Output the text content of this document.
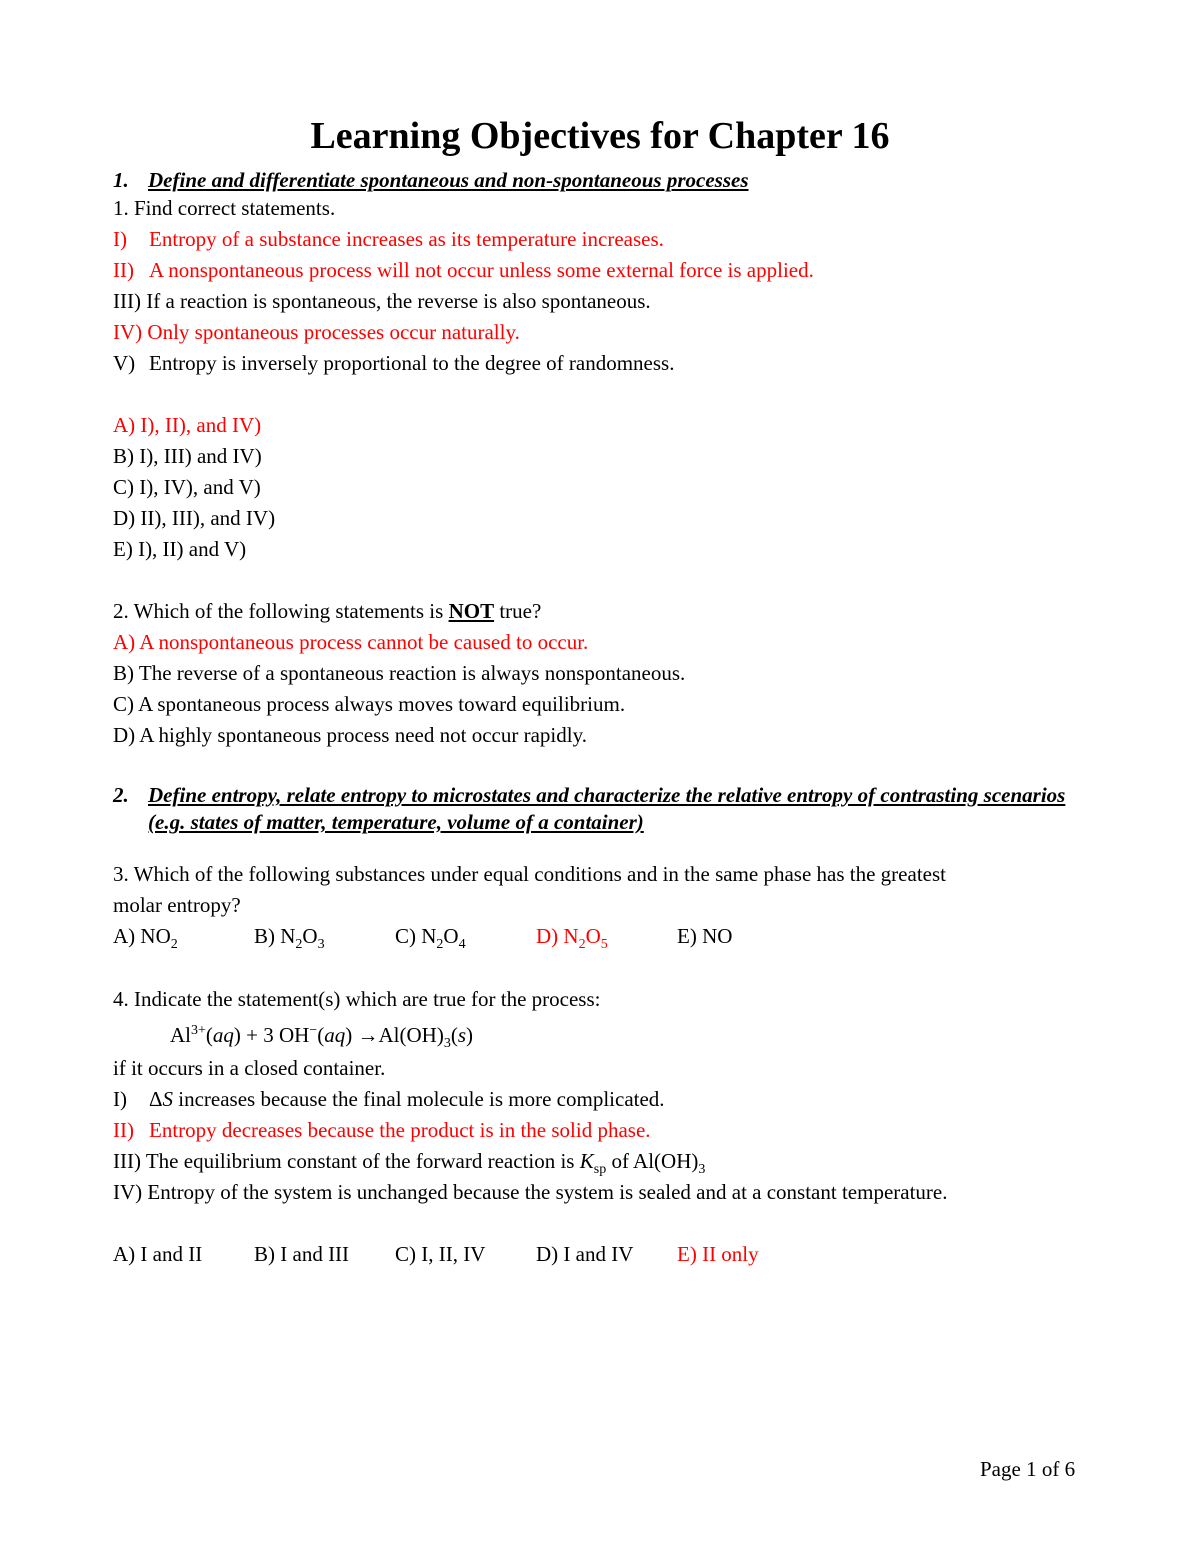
Learning Objectives for Chapter 16
1. Define and differentiate spontaneous and non-spontaneous processes
1. Find correct statements.
I) Entropy of a substance increases as its temperature increases.
II) A nonspontaneous process will not occur unless some external force is applied.
III) If a reaction is spontaneous, the reverse is also spontaneous.
IV) Only spontaneous processes occur naturally.
V) Entropy is inversely proportional to the degree of randomness.
A) I), II), and IV)
B) I), III) and IV)
C) I), IV), and V)
D) II), III), and IV)
E) I), II) and V)
2. Which of the following statements is NOT true?
A) A nonspontaneous process cannot be caused to occur.
B) The reverse of a spontaneous reaction is always nonspontaneous.
C) A spontaneous process always moves toward equilibrium.
D) A highly spontaneous process need not occur rapidly.
2. Define entropy, relate entropy to microstates and characterize the relative entropy of contrasting scenarios (e.g. states of matter, temperature, volume of a container)
3. Which of the following substances under equal conditions and in the same phase has the greatest
molar entropy?
A) $NO_2$	B) $N_2O_3$	C) $N_2O_4$	D) $N_2O_5$	E) NO
4. Indicate the statement(s) which are true for the process:
$Al^{3+}(aq) + 3$ $OH^-(aq) \to Al(OH)_3(s)$
if it occurs in a closed container.
I) ΔS increases because the final molecule is more complicated.
II) Entropy decreases because the product is in the solid phase.
III) The equilibrium constant of the forward reaction is $K_{sp}$ of $Al(OH)_3$
IV) Entropy of the system is unchanged because the system is sealed and at a constant temperature.
A) I and II B) I and III C) I, II, IV D) I and IV E) II only
Page 1 of 6
